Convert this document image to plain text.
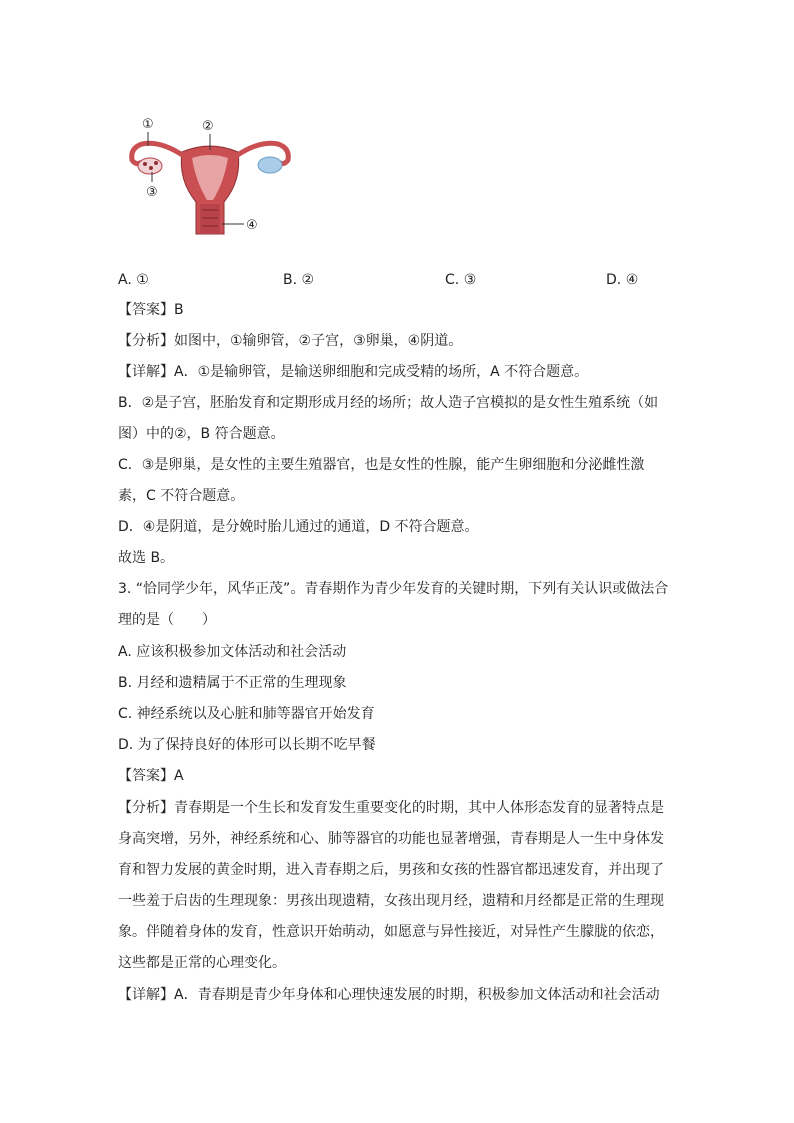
①	②
③
④
A. ①	B. ②	C. ③	D. ④
【答案】B
【分析】如图中，①输卵管，②子宫，③卵巢，④阴道。
【详解】A．①是输卵管，是输送卵细胞和完成受精的场所，A 不符合题意。
B．②是子宫，胚胎发育和定期形成月经的场所；故人造子宫模拟的是女性生殖系统（如
图）中的②，B 符合题意。
C．③是卵巢，是女性的主要生殖器官，也是女性的性腺，能产生卵细胞和分泌雌性激
素，C 不符合题意。
D．④是阴道，是分娩时胎儿通过的通道，D 不符合题意。
故选 B。
3. “恰同学少年，风华正茂”。青春期作为青少年发育的关键时期，下列有关认识或做法合
理的是（　　）
A. 应该积极参加文体活动和社会活动
B. 月经和遗精属于不正常的生理现象
C. 神经系统以及心脏和肺等器官开始发育
D. 为了保持良好的体形可以长期不吃早餐
【答案】A
【分析】青春期是一个生长和发育发生重要变化的时期，其中人体形态发育的显著特点是
身高突增，另外，神经系统和心、肺等器官的功能也显著增强，青春期是人一生中身体发
育和智力发展的黄金时期，进入青春期之后，男孩和女孩的性器官都迅速发育，并出现了
一些羞于启齿的生理现象：男孩出现遗精，女孩出现月经，遗精和月经都是正常的生理现
象。伴随着身体的发育，性意识开始萌动，如愿意与异性接近，对异性产生朦胧的依恋，
这些都是正常的心理变化。
【详解】A．青春期是青少年身体和心理快速发展的时期，积极参加文体活动和社会活动
